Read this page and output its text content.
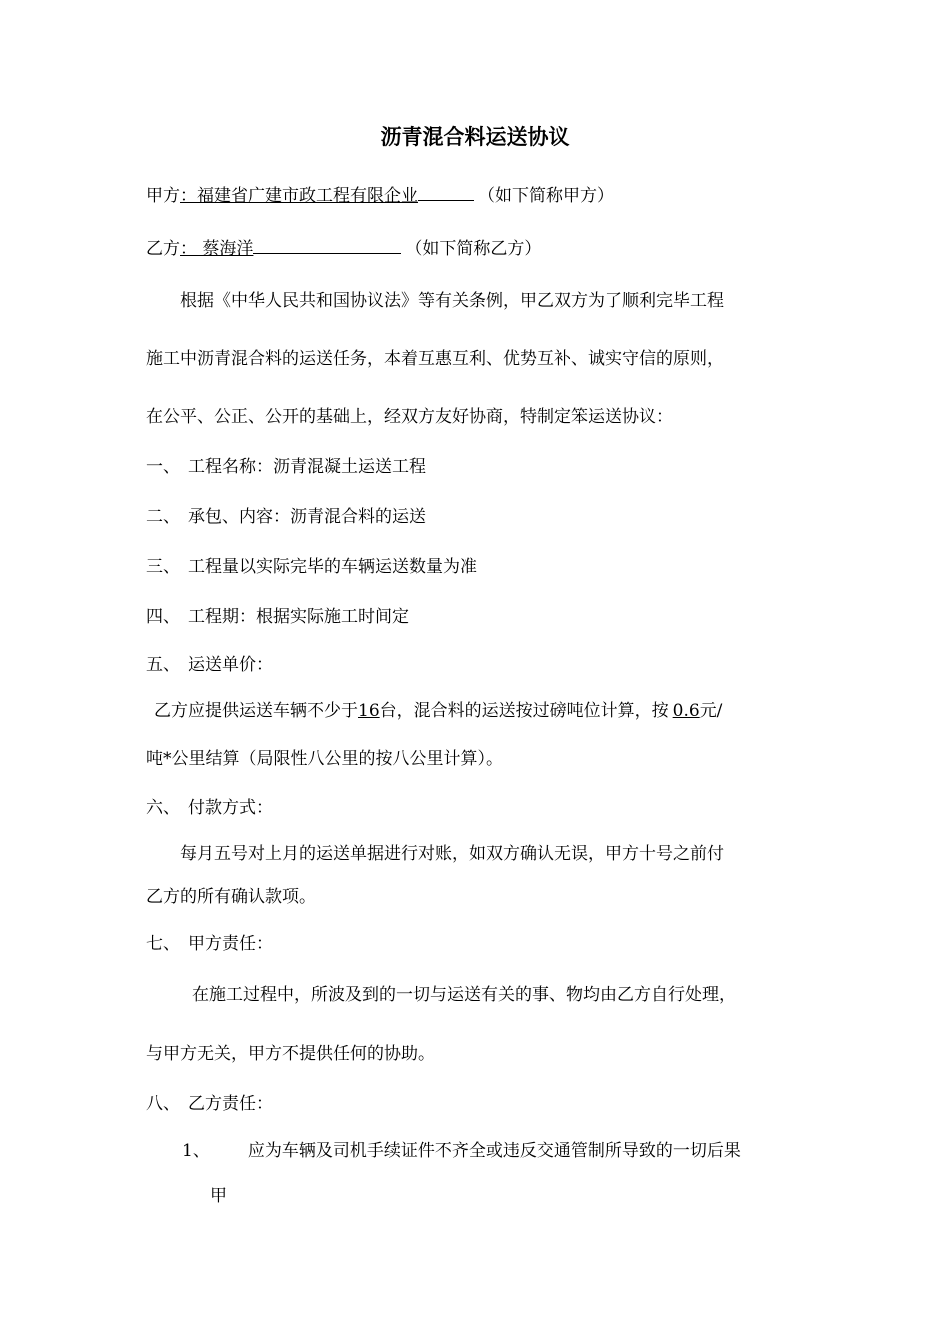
沥青混合料运送协议
甲方：福建省广建市政工程有限企业	（如下简称甲方）
乙方： 蔡海洋	（如下简称乙方）
根据《中华人民共和国协议法》等有关条例，甲乙双方为了顺利完毕工程
施工中沥青混合料的运送任务，本着互惠互利、优势互补、诚实守信的原则，
在公平、公正、公开的基础上，经双方友好协商，特制定笨运送协议：
一、 工程名称：沥青混凝土运送工程
二、 承包、内容：沥青混合料的运送
三、 工程量以实际完毕的车辆运送数量为准
四、 工程期：根据实际施工时间定
五、 运送单价：
乙方应提供运送车辆不少于16台，混合料的运送按过磅吨位计算，按 0.6元/
吨*公里结算（局限性八公里的按八公里计算）。
六、 付款方式：
每月五号对上月的运送单据进行对账，如双方确认无误，甲方十号之前付
乙方的所有确认款项。
七、 甲方责任：
在施工过程中，所波及到的一切与运送有关的事、物均由乙方自行处理，
与甲方无关，甲方不提供任何的协助。
八、 乙方责任：
1、 应为车辆及司机手续证件不齐全或违反交通管制所导致的一切后果
甲
